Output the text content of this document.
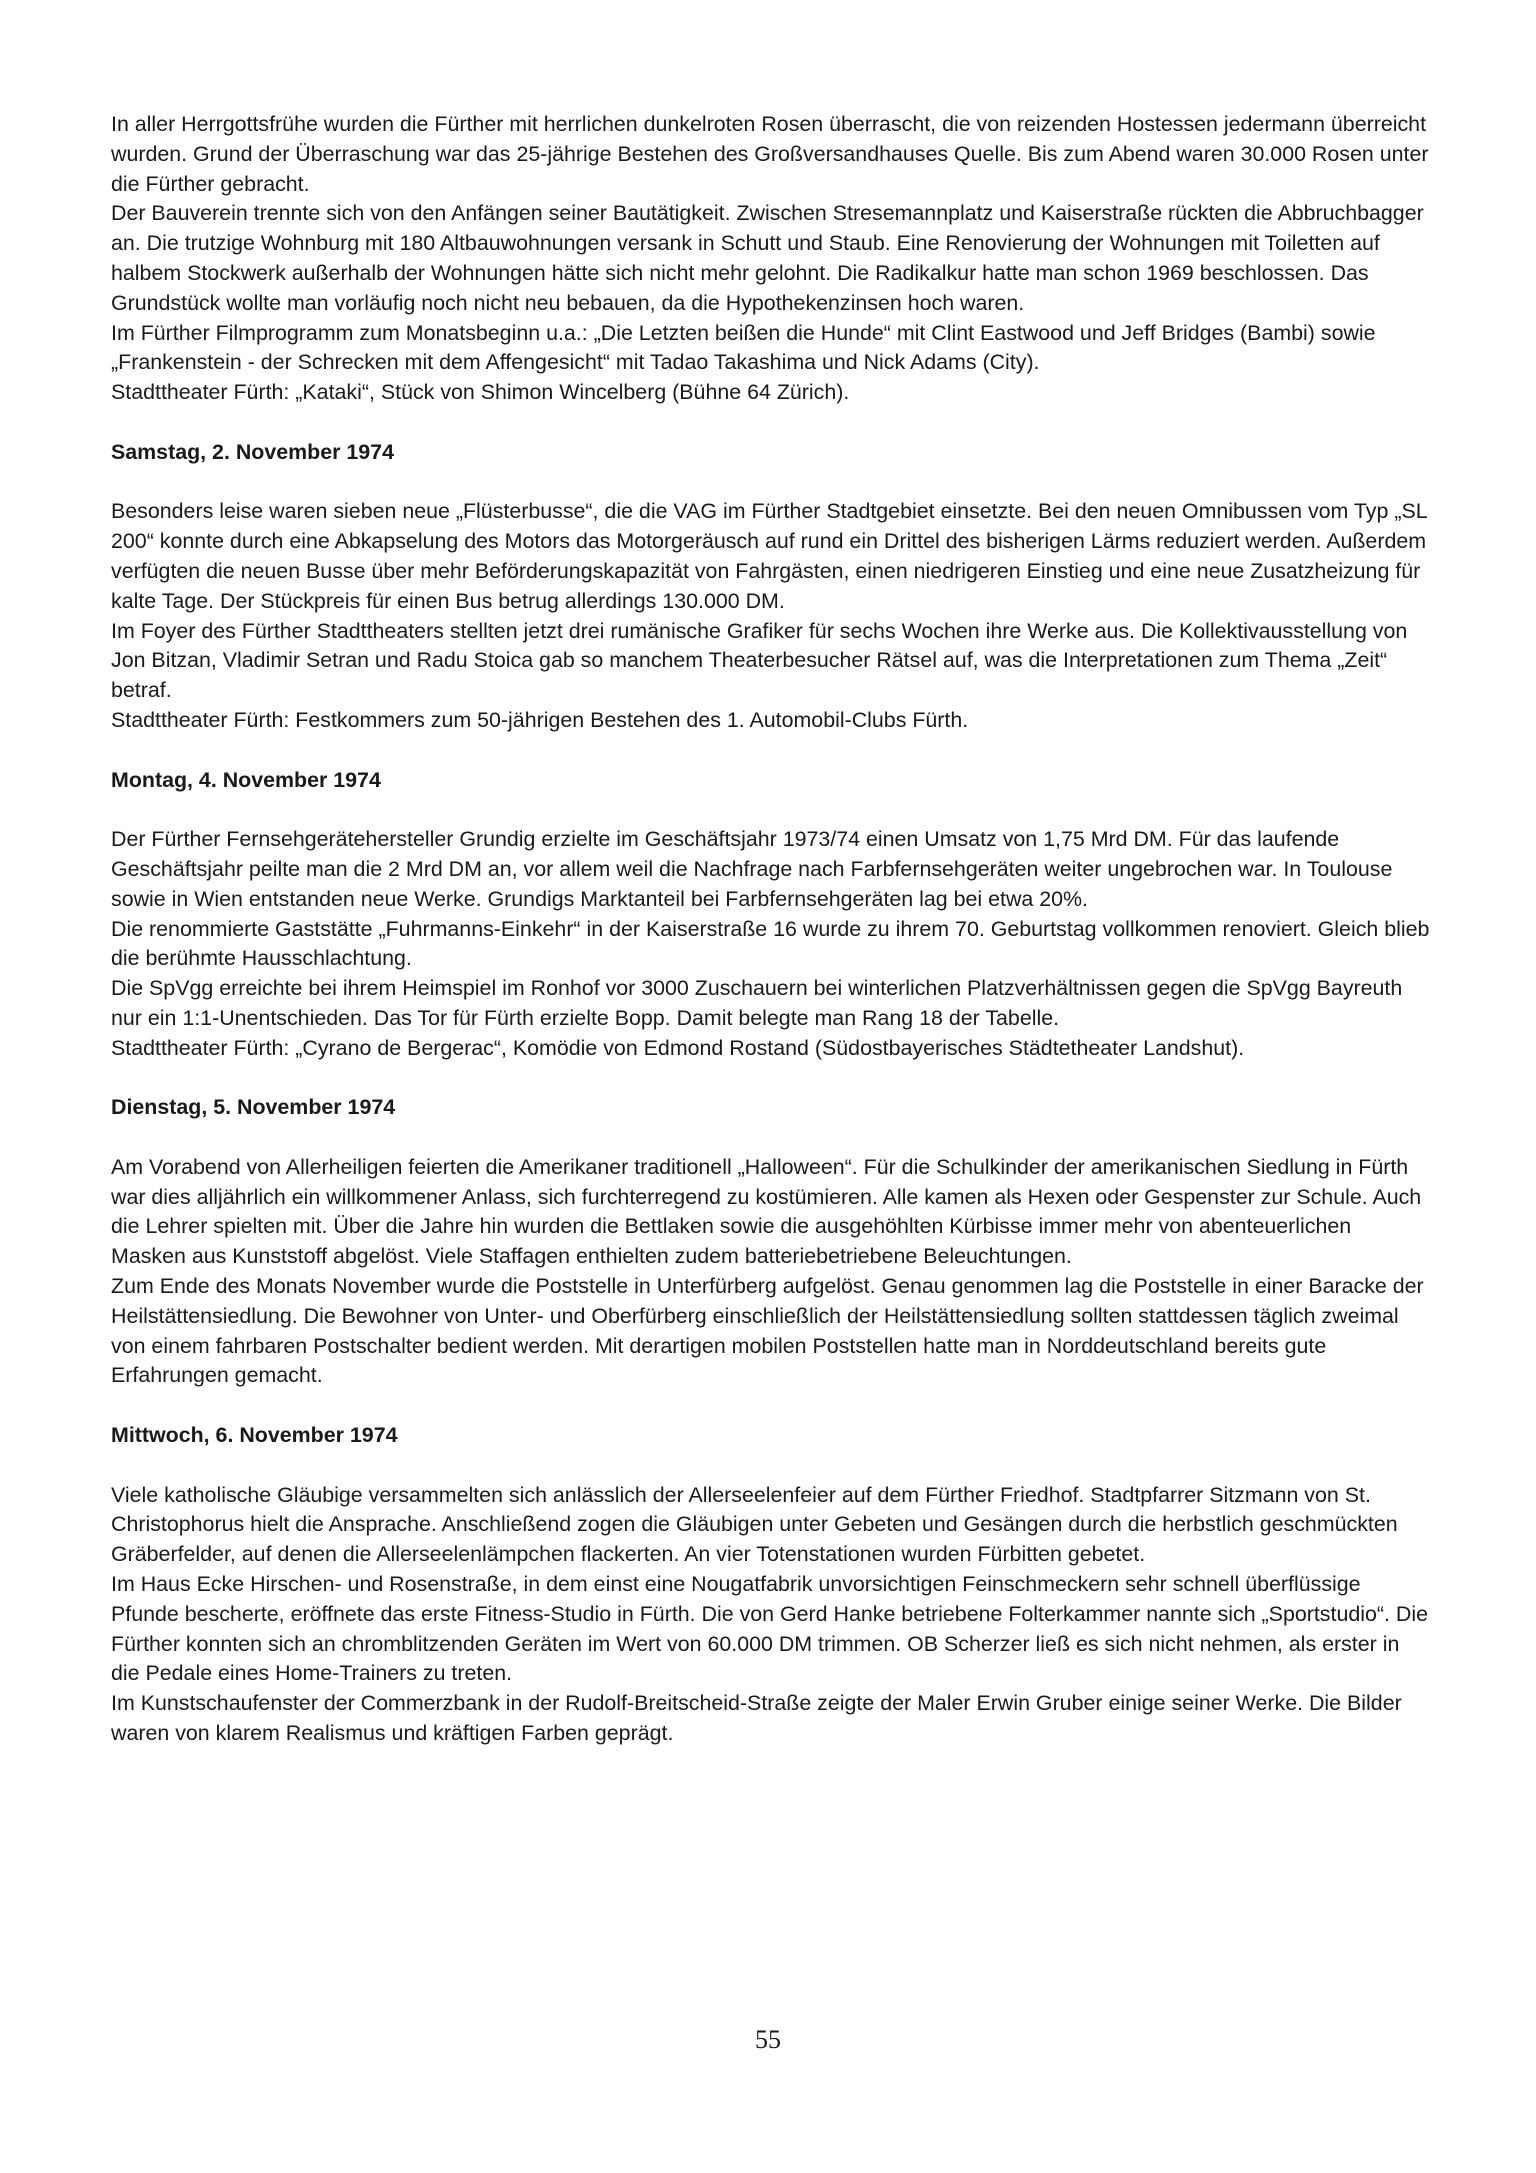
In aller Herrgottsfrühe wurden die Fürther mit herrlichen dunkelroten Rosen überrascht, die von reizenden Hostessen jedermann überreicht wurden. Grund der Überraschung war das 25-jährige Bestehen des Großversandhauses Quelle. Bis zum Abend waren 30.000 Rosen unter die Fürther gebracht.

Der Bauverein trennte sich von den Anfängen seiner Bautätigkeit. Zwischen Stresemannplatz und Kaiserstraße rückten die Abbruchbagger an. Die trutzige Wohnburg mit 180 Altbauwohnungen versank in Schutt und Staub. Eine Renovierung der Wohnungen mit Toiletten auf halbem Stockwerk außerhalb der Wohnungen hätte sich nicht mehr gelohnt. Die Radikalkur hatte man schon 1969 beschlossen. Das Grundstück wollte man vorläufig noch nicht neu bebauen, da die Hypothekenzinsen hoch waren.

Im Fürther Filmprogramm zum Monatsbeginn u.a.: „Die Letzten beißen die Hunde“ mit Clint Eastwood und Jeff Bridges (Bambi) sowie „Frankenstein - der Schrecken mit dem Affengesicht“ mit Tadao Takashima und Nick Adams (City).

Stadttheater Fürth: „Kataki“, Stück von Shimon Wincelberg (Bühne 64 Zürich).

Samstag, 2. November 1974

Besonders leise waren sieben neue „Flüsterbusse“, die die VAG im Fürther Stadtgebiet einsetzte. Bei den neuen Omnibussen vom Typ „SL 200“ konnte durch eine Abkapselung des Motors das Motorgeräusch auf rund ein Drittel des bisherigen Lärms reduziert werden. Außerdem verfügten die neuen Busse über mehr Beförderungskapazität von Fahrgästen, einen niedrigeren Einstieg und eine neue Zusatzheizung für kalte Tage. Der Stückpreis für einen Bus betrug allerdings 130.000 DM.

Im Foyer des Fürther Stadttheaters stellten jetzt drei rumänische Grafiker für sechs Wochen ihre Werke aus. Die Kollektivausstellung von Jon Bitzan, Vladimir Setran und Radu Stoica gab so manchem Theaterbesucher Rätsel auf, was die Interpretationen zum Thema „Zeit“ betraf.

Stadttheater Fürth: Festkommers zum 50-jährigen Bestehen des 1. Automobil-Clubs Fürth.

Montag, 4. November 1974

Der Fürther Fernsehgerätehersteller Grundig erzielte im Geschäftsjahr 1973/74 einen Umsatz von 1,75 Mrd DM. Für das laufende Geschäftsjahr peilte man die 2 Mrd DM an, vor allem weil die Nachfrage nach Farbfernsehgeräten weiter ungebrochen war. In Toulouse sowie in Wien entstanden neue Werke. Grundigs Marktanteil bei Farbfernsehgeräten lag bei etwa 20%.

Die renommierte Gaststätte „Fuhrmanns-Einkehr“ in der Kaiserstraße 16 wurde zu ihrem 70. Geburtstag vollkommen renoviert. Gleich blieb die berühmte Hausschlachtung.

Die SpVgg erreichte bei ihrem Heimspiel im Ronhof vor 3000 Zuschauern bei winterlichen Platzverhältnissen gegen die SpVgg Bayreuth nur ein 1:1-Unentschieden. Das Tor für Fürth erzielte Bopp. Damit belegte man Rang 18 der Tabelle.

Stadttheater Fürth: „Cyrano de Bergerac“, Komödie von Edmond Rostand (Südostbayerisches Städtetheater Landshut).

Dienstag, 5. November 1974

Am Vorabend von Allerheiligen feierten die Amerikaner traditionell „Halloween“. Für die Schulkinder der amerikanischen Siedlung in Fürth war dies alljährlich ein willkommener Anlass, sich furchterregend zu kostümieren. Alle kamen als Hexen oder Gespenster zur Schule. Auch die Lehrer spielten mit. Über die Jahre hin wurden die Bettlaken sowie die ausgehöhlten Kürbisse immer mehr von abenteuerlichen Masken aus Kunststoff abgelöst. Viele Staffagen enthielten zudem batteriebetriebene Beleuchtungen.

Zum Ende des Monats November wurde die Poststelle in Unterfürberg aufgelöst. Genau genommen lag die Poststelle in einer Baracke der Heilstättensiedlung. Die Bewohner von Unter- und Oberfürberg einschließlich der Heilstättensiedlung sollten stattdessen täglich zweimal von einem fahrbaren Postschalter bedient werden. Mit derartigen mobilen Poststellen hatte man in Norddeutschland bereits gute Erfahrungen gemacht.

Mittwoch, 6. November 1974

Viele katholische Gläubige versammelten sich anlässlich der Allerseelenfeier auf dem Fürther Friedhof. Stadtpfarrer Sitzmann von St. Christophorus hielt die Ansprache. Anschließend zogen die Gläubigen unter Gebeten und Gesängen durch die herbstlich geschmückten Gräberfelder, auf denen die Allerseelenlämpchen flackerten. An vier Totenstationen wurden Fürbitten gebetet.

Im Haus Ecke Hirschen- und Rosenstraße, in dem einst eine Nougatfabrik unvorsichtigen Feinschmeckern sehr schnell überflüssige Pfunde bescherte, eröffnete das erste Fitness-Studio in Fürth. Die von Gerd Hanke betriebene Folterkammer nannte sich „Sportstudio“. Die Fürther konnten sich an chromblitzenden Geräten im Wert von 60.000 DM trimmen. OB Scherzer ließ es sich nicht nehmen, als erster in die Pedale eines Home-Trainers zu treten.

Im Kunstschaufenster der Commerzbank in der Rudolf-Breitscheid-Straße zeigte der Maler Erwin Gruber einige seiner Werke. Die Bilder waren von klarem Realismus und kräftigen Farben geprägt.

55
